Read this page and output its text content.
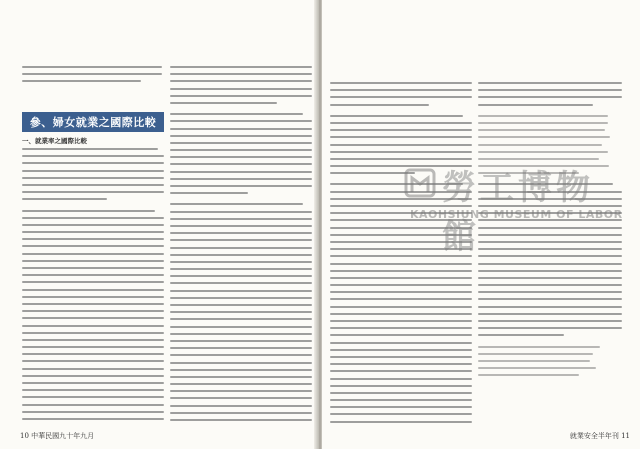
參、婦女就業之國際比較
一、就業率之國際比較
10 中華民國九十年九月	就業安全半年刊 11
勞工博物館
KAOHSIUNG MUSEUM OF LABOR
